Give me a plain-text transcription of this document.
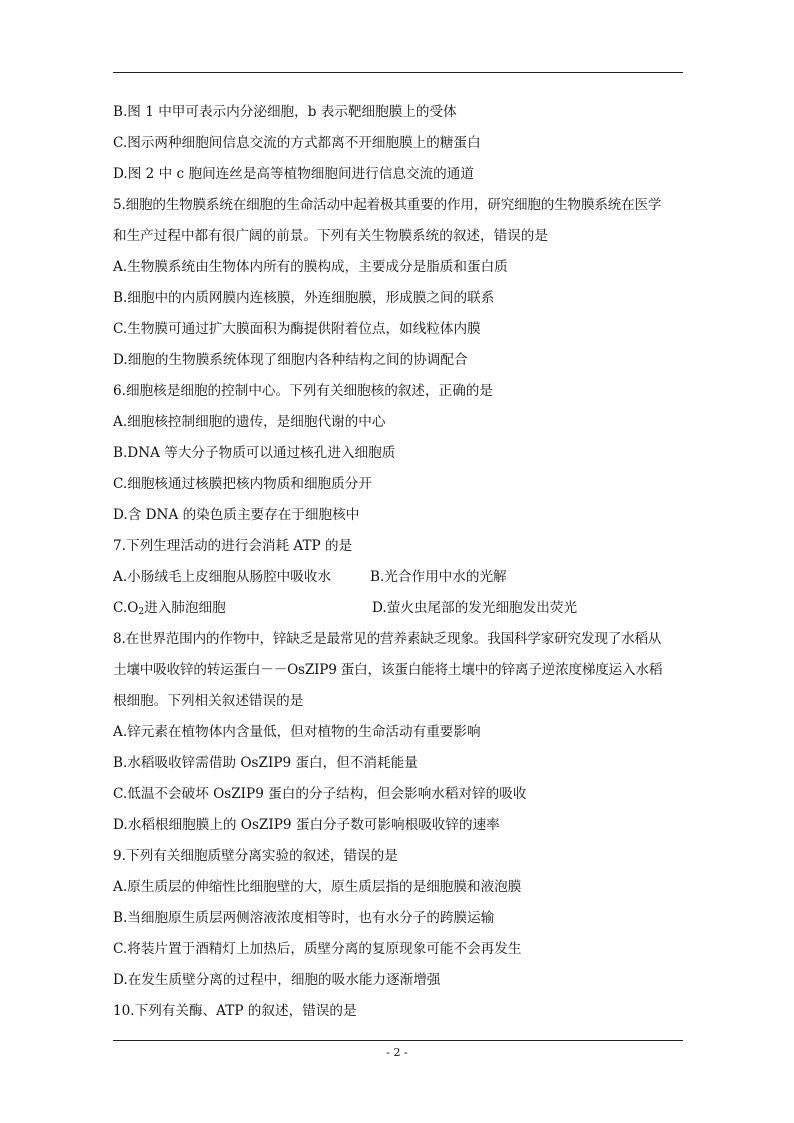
B.图 1 中甲可表示内分泌细胞，b 表示靶细胞膜上的受体
C.图示两种细胞间信息交流的方式都离不开细胞膜上的糖蛋白
D.图 2 中 c 胞间连丝是高等植物细胞间进行信息交流的通道
5.细胞的生物膜系统在细胞的生命活动中起着极其重要的作用，研究细胞的生物膜系统在医学
和生产过程中都有很广阔的前景。下列有关生物膜系统的叙述，错误的是
A.生物膜系统由生物体内所有的膜构成，主要成分是脂质和蛋白质
B.细胞中的内质网膜内连核膜，外连细胞膜，形成膜之间的联系
C.生物膜可通过扩大膜面积为酶提供附着位点，如线粒体内膜
D.细胞的生物膜系统体现了细胞内各种结构之间的协调配合
6.细胞核是细胞的控制中心。下列有关细胞核的叙述，正确的是
A.细胞核控制细胞的遗传，是细胞代谢的中心
B.DNA 等大分子物质可以通过核孔进入细胞质
C.细胞核通过核膜把核内物质和细胞质分开
D.含 DNA 的染色质主要存在于细胞核中
7.下列生理活动的进行会消耗 ATP 的是
A.小肠绒毛上皮细胞从肠腔中吸收水	B.光合作用中水的光解
$C.O_2$进入肺泡细胞	D.萤火虫尾部的发光细胞发出荧光
8.在世界范围内的作物中，锌缺乏是最常见的营养素缺乏现象。我国科学家研究发现了水稻从
土壤中吸收锌的转运蛋白－－OsZIP9 蛋白，该蛋白能将土壤中的锌离子逆浓度梯度运入水稻
根细胞。下列相关叙述错误的是
A.锌元素在植物体内含量低，但对植物的生命活动有重要影响
B.水稻吸收锌需借助 OsZIP9 蛋白，但不消耗能量
C.低温不会破坏 OsZIP9 蛋白的分子结构，但会影响水稻对锌的吸收
D.水稻根细胞膜上的 OsZIP9 蛋白分子数可影响根吸收锌的速率
9.下列有关细胞质壁分离实验的叙述，错误的是
A.原生质层的伸缩性比细胞壁的大，原生质层指的是细胞膜和液泡膜
B.当细胞原生质层两侧溶液浓度相等时，也有水分子的跨膜运输
C.将装片置于酒精灯上加热后，质壁分离的复原现象可能不会再发生
D.在发生质壁分离的过程中，细胞的吸水能力逐渐增强
10.下列有关酶、ATP 的叙述，错误的是
- 2 -
